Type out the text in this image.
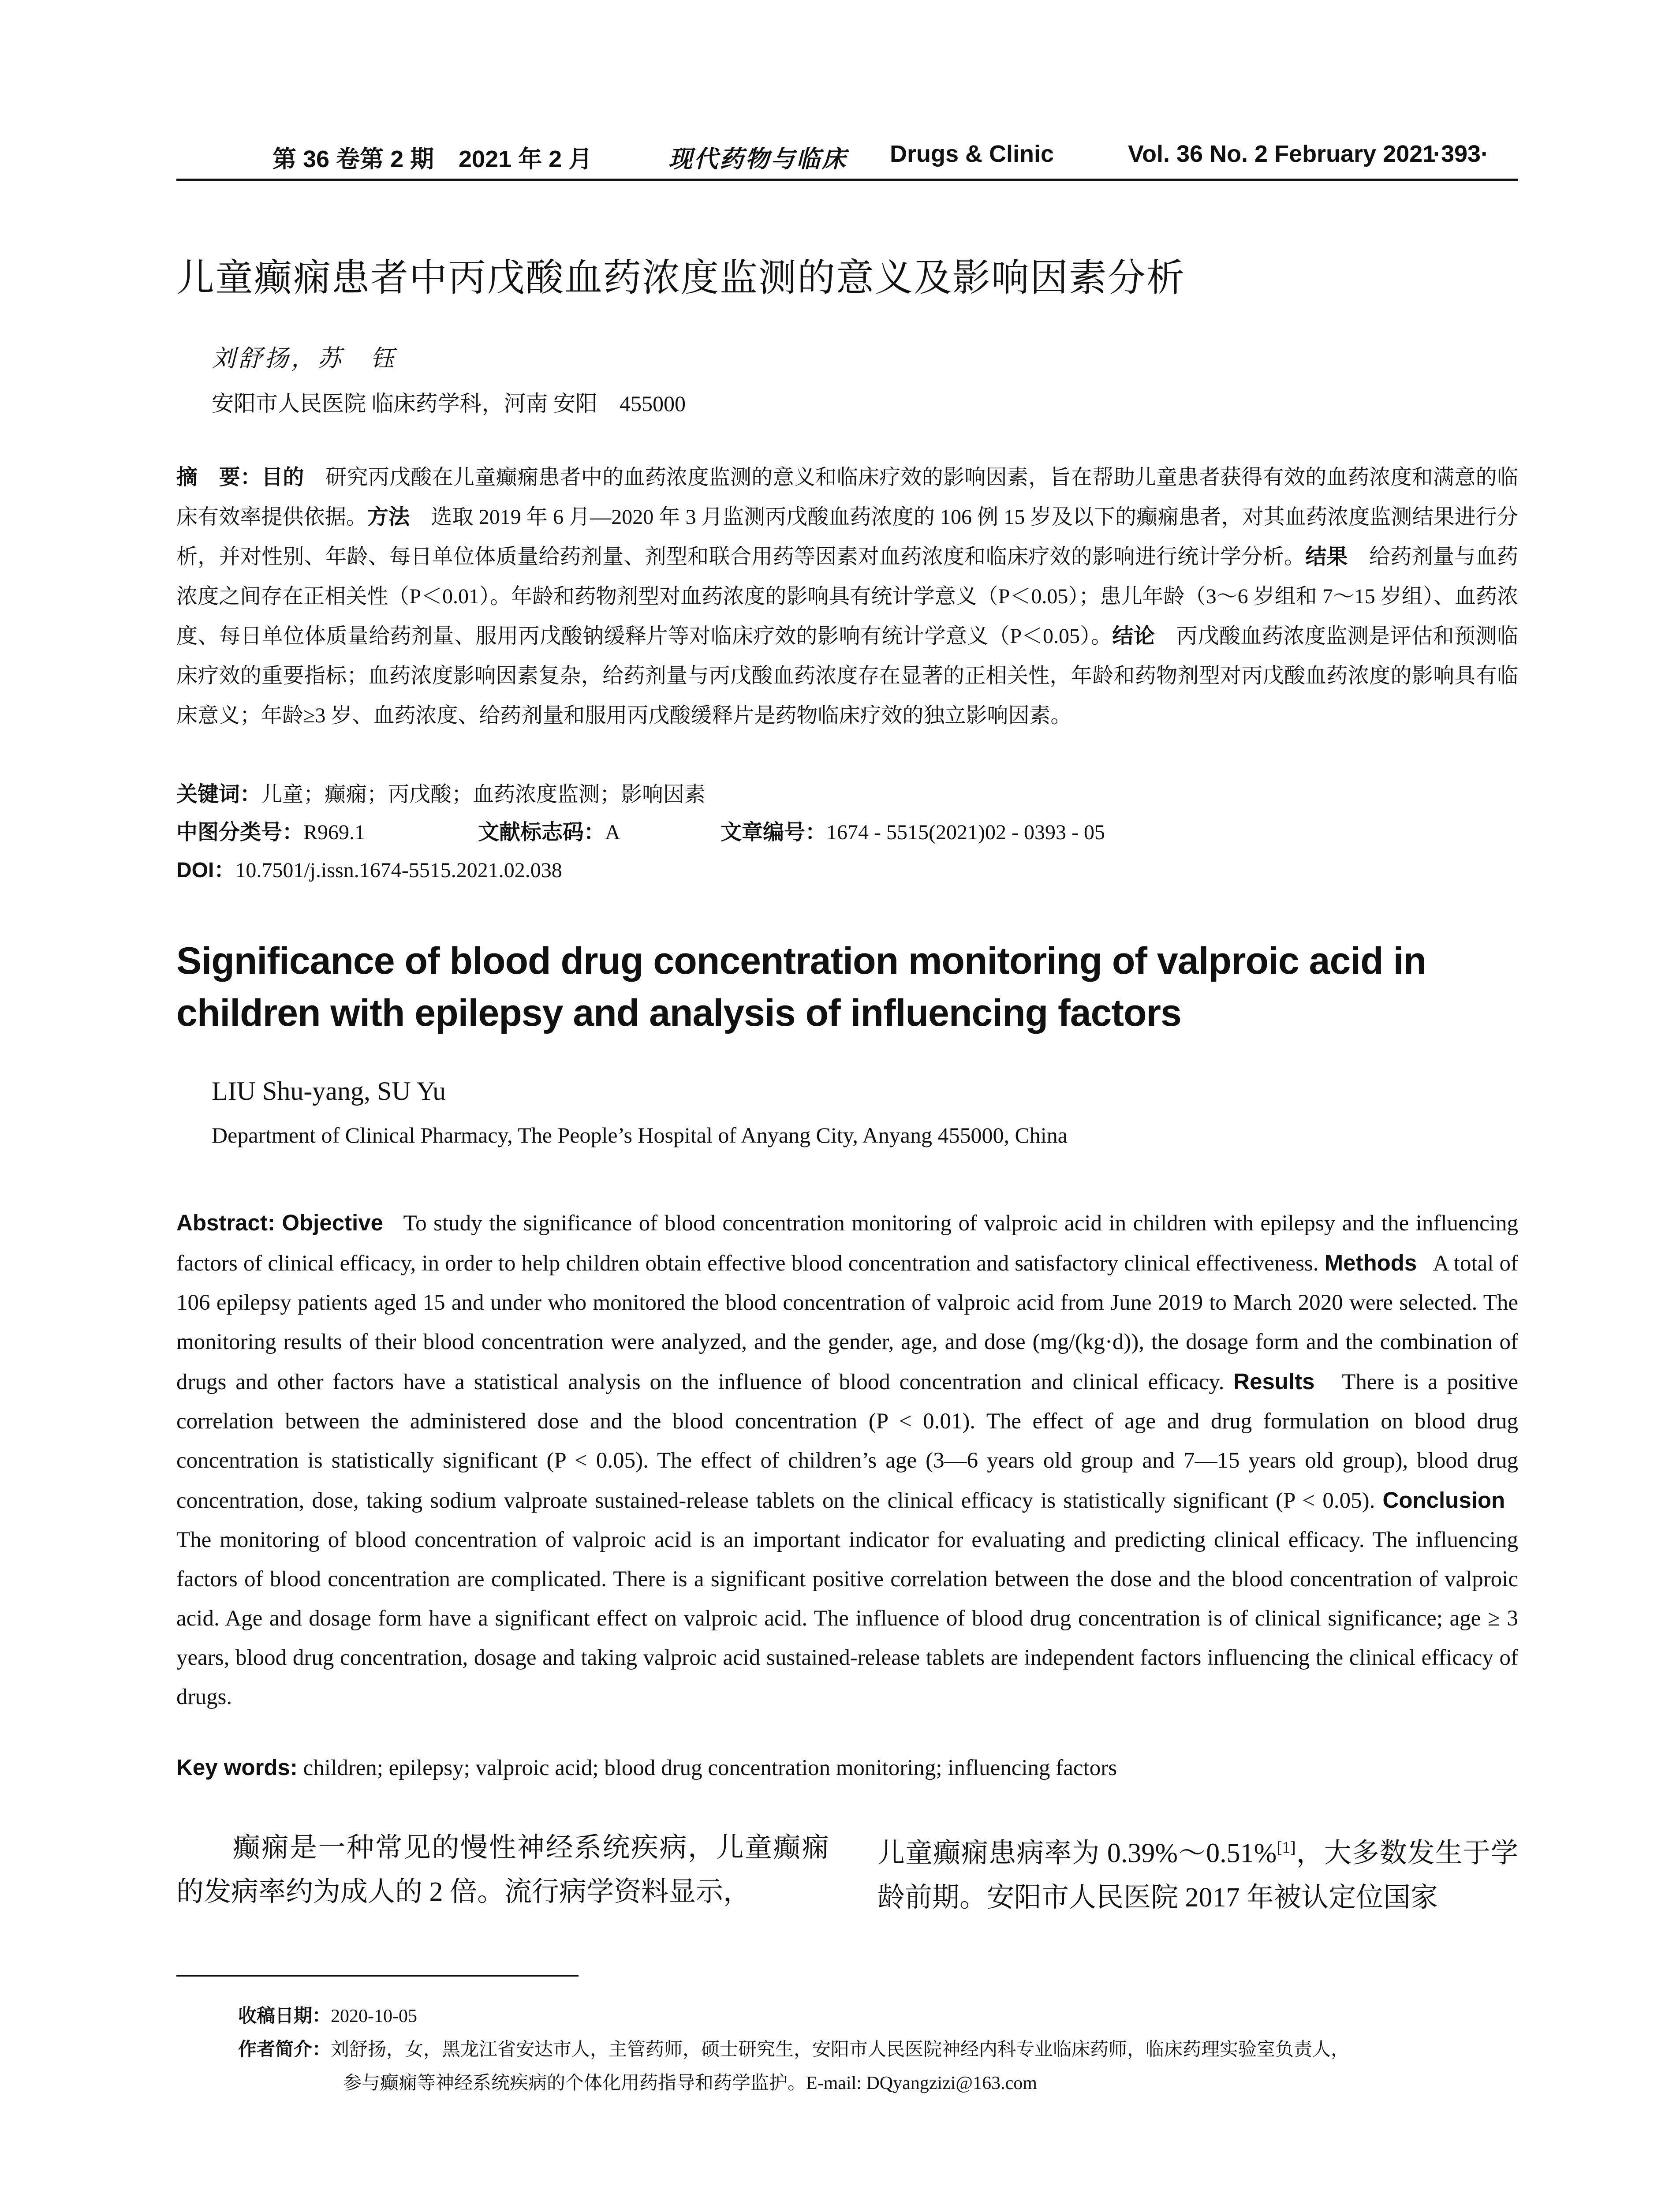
第 36 卷第 2 期 2021 年 2 月	现代药物与临床 Drugs & Clinic	Vol. 36 No. 2 February 2021
·393·
儿童癫痫患者中丙戊酸血药浓度监测的意义及影响因素分析
刘舒扬，苏　钰
安阳市人民医院 临床药学科，河南 安阳　455000
摘　要：目的　 研究丙戊酸在儿童癫痫患者中的血药浓度监测的意义和临床疗效的影响因素，旨在帮助儿童患者获得有效的血药浓度和满意的临床有效率提供依据。方法　 选取 2019 年 6 月—2020 年 3 月监测丙戊酸血药浓度的 106 例 15 岁及以下的癫痫患者，对其血药浓度监测结果进行分析，并对性别、年龄、每日单位体质量给药剂量、剂型和联合用药等因素对血药浓度和临床疗效的影响进行统计学分析。结果　 给药剂量与血药浓度之间存在正相关性（P＜0.01）。年龄和药物剂型对血药浓度的影响具有统计学意义（P＜0.05）；患儿年龄（3～6 岁组和 7～15 岁组）、血药浓度、每日单位体质量给药剂量、服用丙戊酸钠缓释片等对临床疗效的影响有统计学意义（P＜0.05）。结论　 丙戊酸血药浓度监测是评估和预测临床疗效的重要指标；血药浓度影响因素复杂，给药剂量与丙戊酸血药浓度存在显著的正相关性，年龄和药物剂型对丙戊酸血药浓度的影响具有临床意义；年龄≥3 岁、血药浓度、给药剂量和服用丙戊酸缓释片是药物临床疗效的独立影响因素。
关键词：儿童；癫痫；丙戊酸；血药浓度监测；影响因素
中图分类号：R969.1	文献标志码：A	文章编号：1674 - 5515(2021)02 - 0393 - 05
DOI：10.7501/j.issn.1674-5515.2021.02.038
Significance of blood drug concentration monitoring of valproic acid in children with epilepsy and analysis of influencing factors
LIU Shu-yang, SU Yu
Department of Clinical Pharmacy, The People’s Hospital of Anyang City, Anyang 455000, China
Abstract: Objective To study the significance of blood concentration monitoring of valproic acid in children with epilepsy and the influencing factors of clinical efficacy, in order to help children obtain effective blood concentration and satisfactory clinical effectiveness. Methods A total of 106 epilepsy patients aged 15 and under who monitored the blood concentration of valproic acid from June 2019 to March 2020 were selected. The monitoring results of their blood concentration were analyzed, and the gender, age, and dose (mg/(kg·d)), the dosage form and the combination of drugs and other factors have a statistical analysis on the influence of blood concentration and clinical efficacy. Results There is a positive correlation between the administered dose and the blood concentration (P < 0.01). The effect of age and drug formulation on blood drug concentration is statistically significant (P < 0.05). The effect of children’s age (3—6 years old group and 7—15 years old group), blood drug concentration, dose, taking sodium valproate sustained-release tablets on the clinical efficacy is statistically significant (P < 0.05). Conclusion   The monitoring of blood concentration of valproic acid is an important indicator for evaluating and predicting clinical efficacy. The influencing factors of blood concentration are complicated. There is a significant positive correlation between the dose and the blood concentration of valproic acid. Age and dosage form have a significant effect on valproic acid. The influence of blood drug concentration is of clinical significance; age ≥ 3 years, blood drug concentration, dosage and taking valproic acid sustained-release tablets are independent factors influencing the clinical efficacy of drugs.
Key words: children; epilepsy; valproic acid; blood drug concentration monitoring; influencing factors
癫痫是一种常见的慢性神经系统疾病，儿童癫痫的发病率约为成人的 2 倍。流行病学资料显示，
儿童癫痫患病率为 0.39%～0.51%[1]，大多数发生于学龄前期。安阳市人民医院 2017 年被认定位国家
收稿日期：2020-10-05
作者简介：刘舒扬，女，黑龙江省安达市人，主管药师，硕士研究生，安阳市人民医院神经内科专业临床药师，临床药理实验室负责人，
参与癫痫等神经系统疾病的个体化用药指导和药学监护。E-mail: DQyangzizi@163.com
